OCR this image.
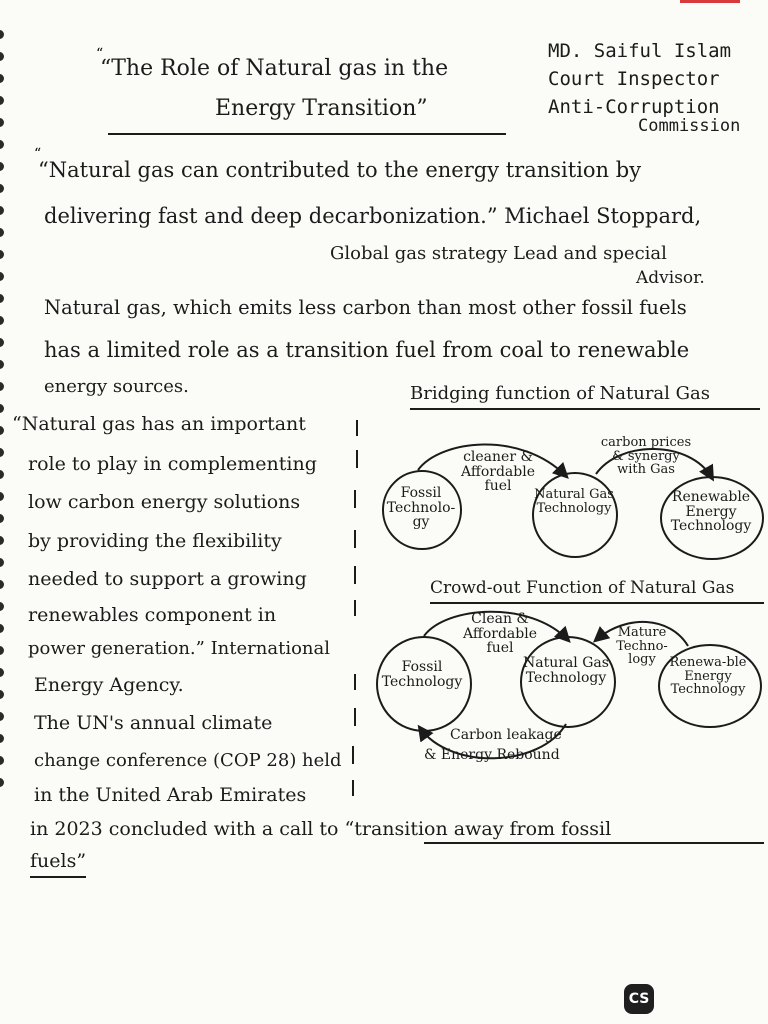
“The Role of Natural gas in the
Energy Transition”
MD. Saiful Islam
Court Inspector
Anti-Corruption
Commission
“Natural gas can contributed to the energy transition by
delivering fast and deep decarbonization.” Michael Stoppard,
Global gas strategy Lead and special
Advisor.
Natural gas, which emits less carbon than most other fossil fuels
has a limited role as a transition fuel from coal to renewable
energy sources.
“Natural gas has an important
role to play in complementing
low carbon energy solutions
by providing the flexibility
needed to support a growing
renewables component in
power generation.” International
Energy Agency.
The UN's annual climate
change conference (COP 28) held
in the United Arab Emirates
in 2023 concluded with a call to “transition away from fossil
fuels”
Bridging function of Natural Gas
Fossil Technolo-gy
Natural Gas Technology
Renewable Energy Technology
cleaner & Affordable fuel
carbon prices & synergy with Gas
Crowd-out Function of Natural Gas
Fossil Technology
Natural Gas Technology
Renewa-ble Energy Technology
Clean & Affordable fuel
Mature Techno-logy
Carbon leakage
& Energy Rebound
“
“
CS
